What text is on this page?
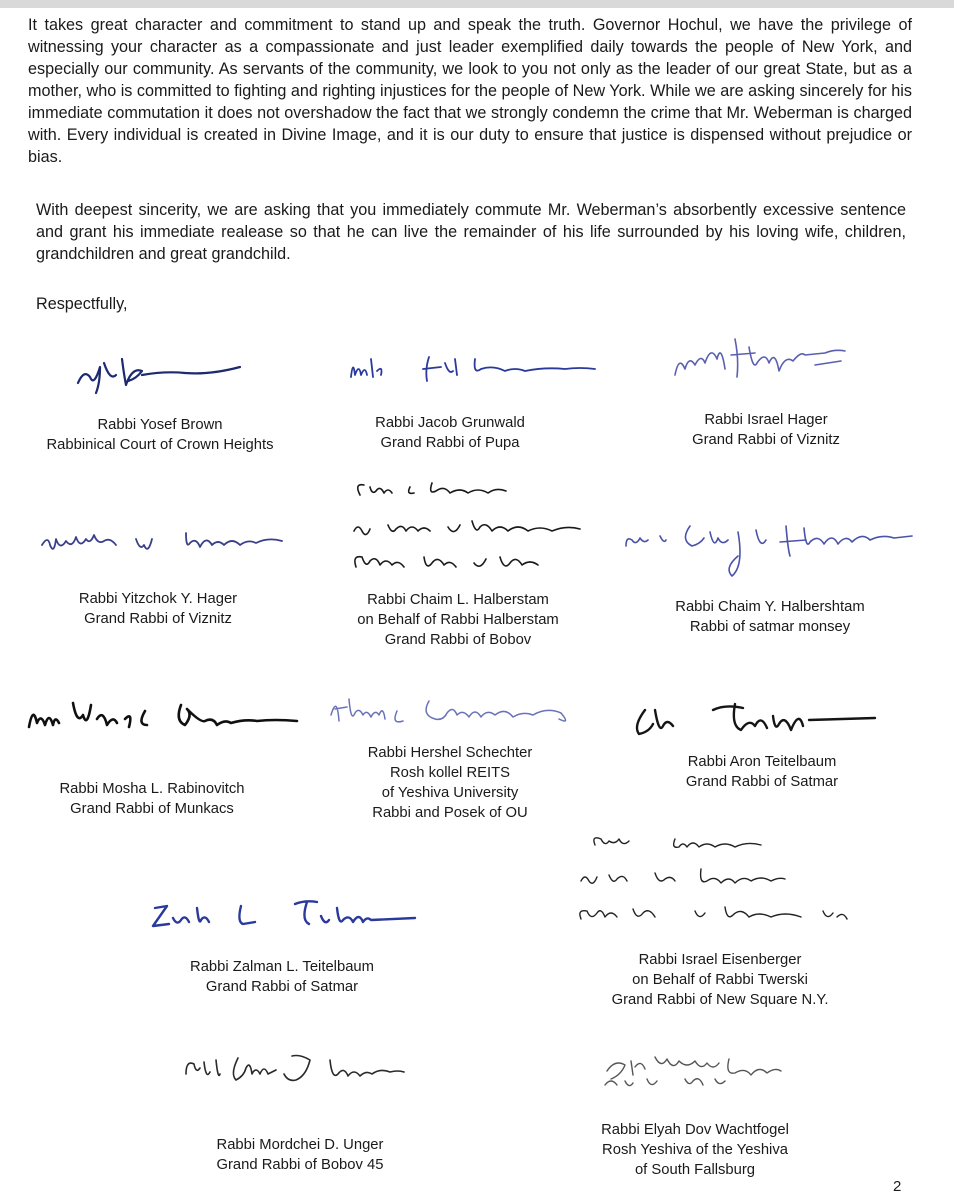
It takes great character and commitment to stand up and speak the truth. Governor Hochul, we have the privilege of witnessing your character as a compassionate and just leader exemplified daily towards the people of New York, and especially our community. As servants of the community, we look to you not only as the leader of our great State, but as a mother, who is committed to fighting and righting injustices for the people of New York. While we are asking sincerely for his immediate commutation it does not overshadow the fact that we strongly condemn the crime that Mr. Weberman is charged with. Every individual is created in Divine Image, and it is our duty to ensure that justice is dispensed without prejudice or bias.

With deepest sincerity, we are asking that you immediately commute Mr. Weberman’s absorbently excessive sentence and grant his immediate realease so that he can live the remainder of his life surrounded by his loving wife, children, grandchildren and great grandchild.

Respectfully,

Rabbi Yosef Brown
Rabbinical Court of Crown Heights
Rabbi Jacob Grunwald
Grand Rabbi of Pupa
Rabbi Israel Hager
Grand Rabbi of Viznitz
Rabbi Yitzchok Y. Hager
Grand Rabbi of Viznitz
Rabbi Chaim L. Halberstam
on Behalf of Rabbi Halberstam
Grand Rabbi of Bobov
Rabbi Chaim Y. Halbershtam
Rabbi of satmar monsey
Rabbi Mosha L. Rabinovitch
Grand Rabbi of Munkacs
Rabbi Hershel Schechter
Rosh kollel REITS
of Yeshiva University
Rabbi and Posek of OU
Rabbi Aron Teitelbaum
Grand Rabbi of Satmar
Rabbi Zalman L. Teitelbaum
Grand Rabbi of Satmar
Rabbi Israel Eisenberger
on Behalf of Rabbi Twerski
Grand Rabbi of New Square N.Y.
Rabbi Mordchei D. Unger
Grand Rabbi of Bobov 45
Rabbi Elyah Dov Wachtfogel
Rosh Yeshiva of the Yeshiva
of South Fallsburg
2
